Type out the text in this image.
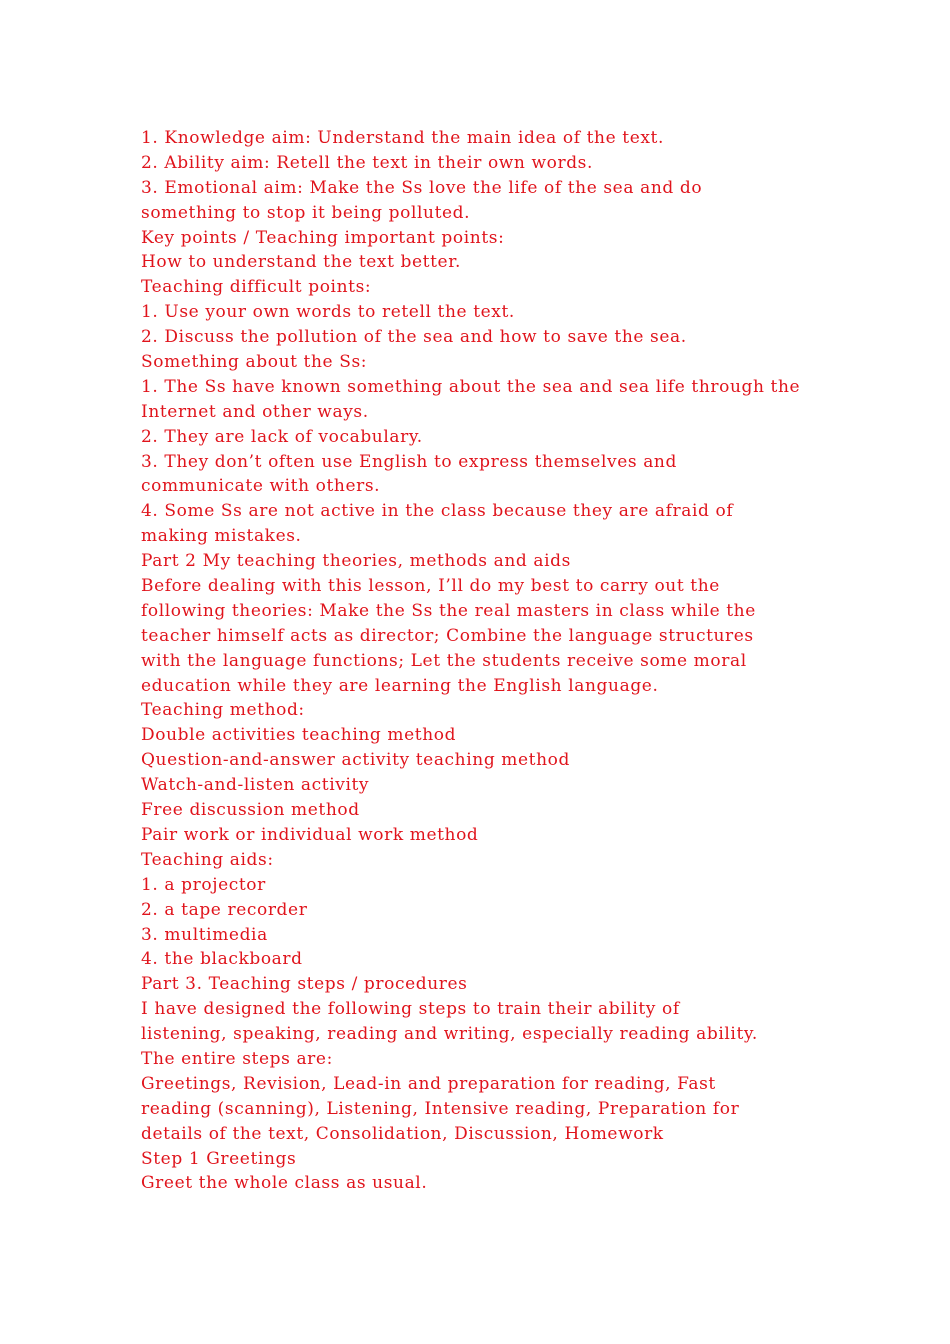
1. Knowledge aim: Understand the main idea of the text.
2. Ability aim: Retell the text in their own words.
3. Emotional aim: Make the Ss love the life of the sea and do
something to stop it being polluted.
Key points / Teaching important points:
How to understand the text better.
Teaching difficult points:
1. Use your own words to retell the text.
2. Discuss the pollution of the sea and how to save the sea.
Something about the Ss:
1. The Ss have known something about the sea and sea life through the
Internet and other ways.
2. They are lack of vocabulary.
3. They don’t often use English to express themselves and
communicate with others.
4. Some Ss are not active in the class because they are afraid of
making mistakes.
Part 2 My teaching theories, methods and aids
Before dealing with this lesson, I’ll do my best to carry out the
following theories: Make the Ss the real masters in class while the
teacher himself acts as director; Combine the language structures
with the language functions; Let the students receive some moral
education while they are learning the English language.
Teaching method:
Double activities teaching method
Question-and-answer activity teaching method
Watch-and-listen activity
Free discussion method
Pair work or individual work method
Teaching aids:
1. a projector
2. a tape recorder
3. multimedia
4. the blackboard
Part 3. Teaching steps / procedures
I have designed the following steps to train their ability of
listening, speaking, reading and writing, especially reading ability.
The entire steps are:
Greetings, Revision, Lead-in and preparation for reading, Fast
reading (scanning), Listening, Intensive reading, Preparation for
details of the text, Consolidation, Discussion, Homework
Step 1 Greetings
Greet the whole class as usual.
